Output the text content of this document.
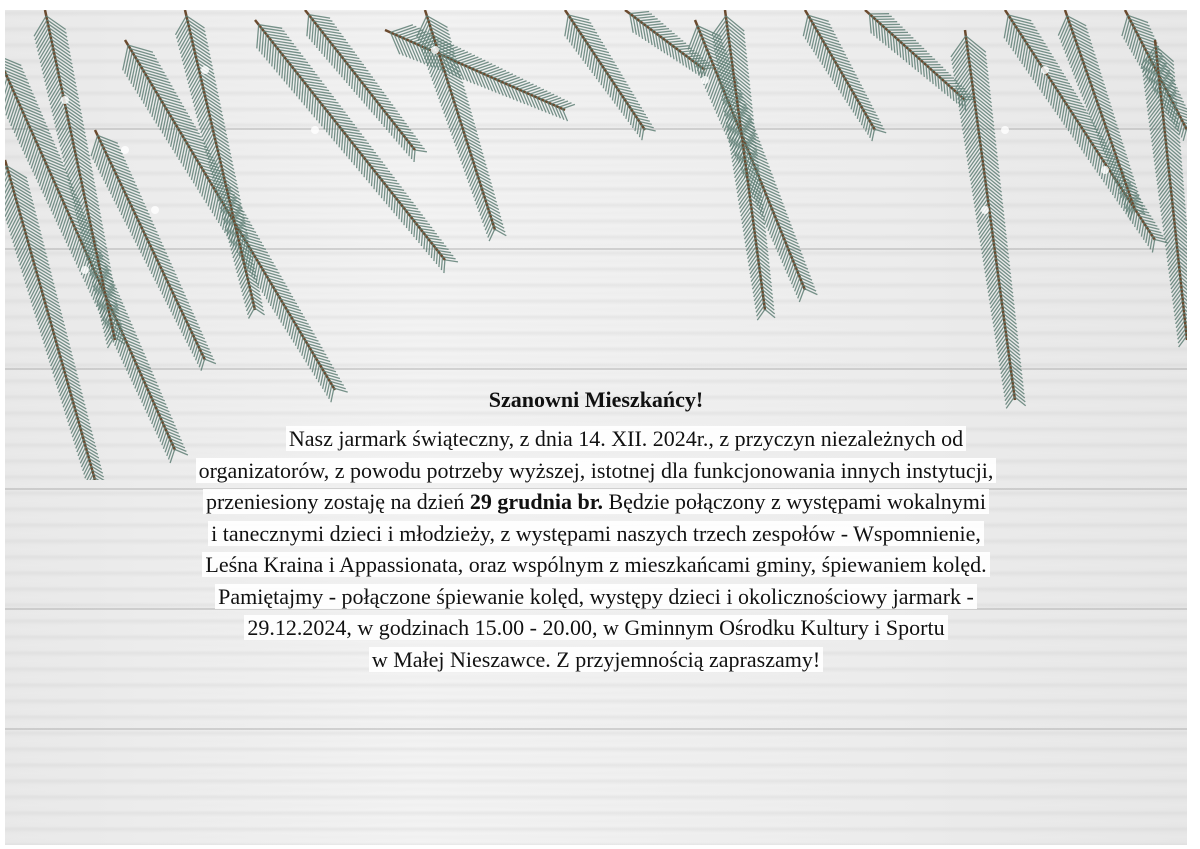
Szanowni Mieszkańcy!

Nasz jarmark świąteczny, z dnia 14. XII. 2024r., z przyczyn niezależnych od

organizatorów, z powodu potrzeby wyższej, istotnej dla funkcjonowania innych instytucji,

przeniesiony zostaję na dzień 29 grudnia br. Będzie połączony z występami wokalnymi

i tanecznymi dzieci i młodzieży, z występami naszych trzech zespołów - Wspomnienie,

Leśna Kraina i Appassionata, oraz wspólnym z mieszkańcami gminy, śpiewaniem kolęd.

Pamiętajmy - połączone śpiewanie kolęd, występy dzieci i okolicznościowy jarmark -

29.12.2024, w godzinach 15.00 - 20.00, w Gminnym Ośrodku Kultury i Sportu

w Małej Nieszawce. Z przyjemnością zapraszamy!
